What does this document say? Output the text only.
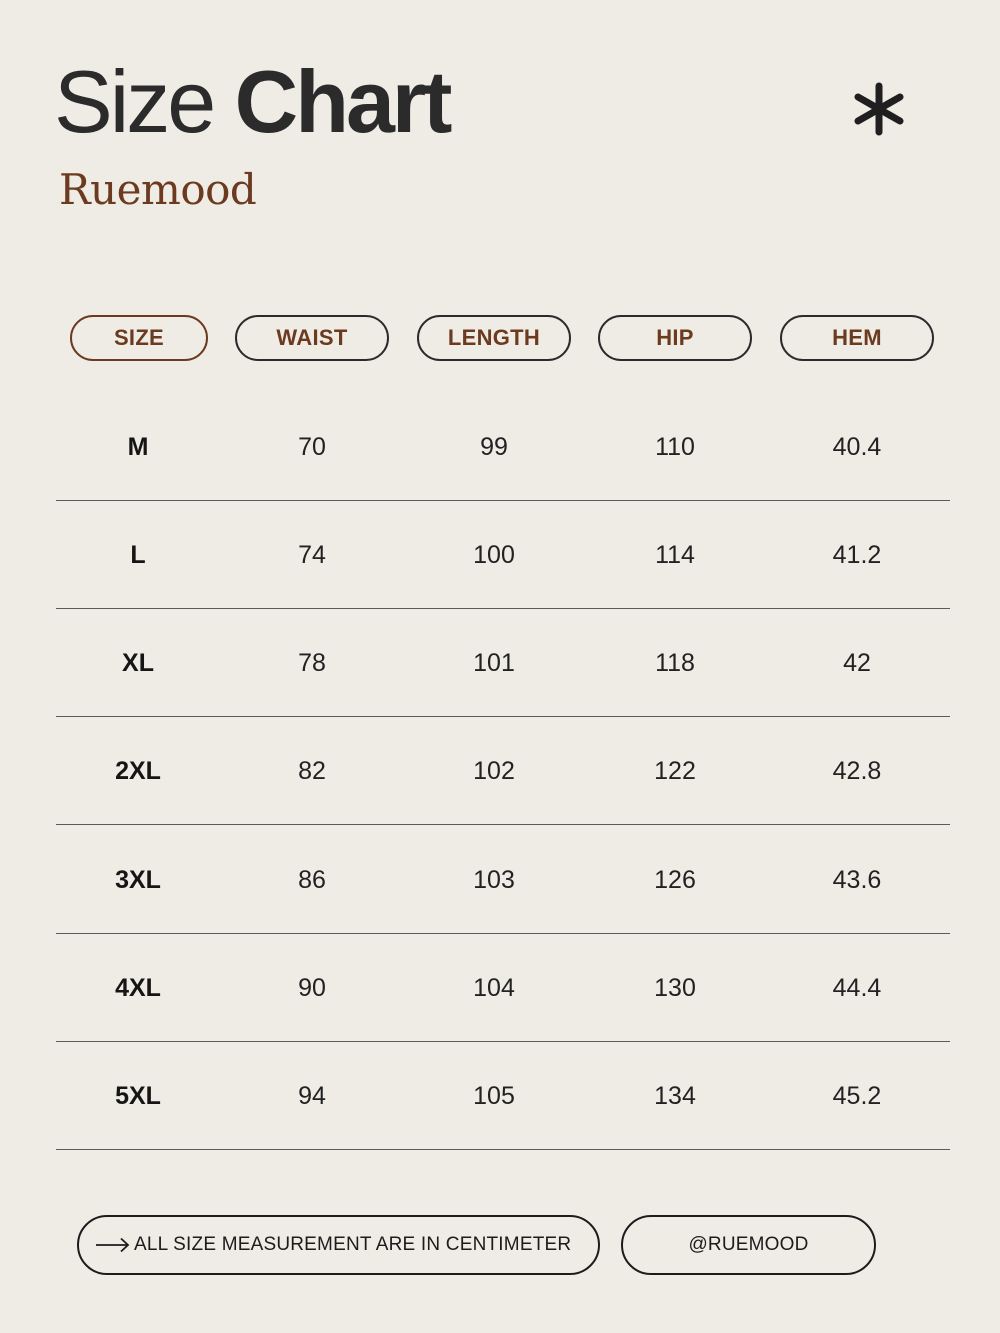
Size Chart
Ruemood
SIZE	WAIST	LENGTH	HIP	HEM
M	70	99	110	40.4
L	74	100	114	41.2
XL	78	101	118	42
2XL	82	102	122	42.8
3XL	86	103	126	43.6
4XL	90	104	130	44.4
5XL	94	105	134	45.2
ALL SIZE MEASUREMENT ARE IN CENTIMETER	@RUEMOOD
